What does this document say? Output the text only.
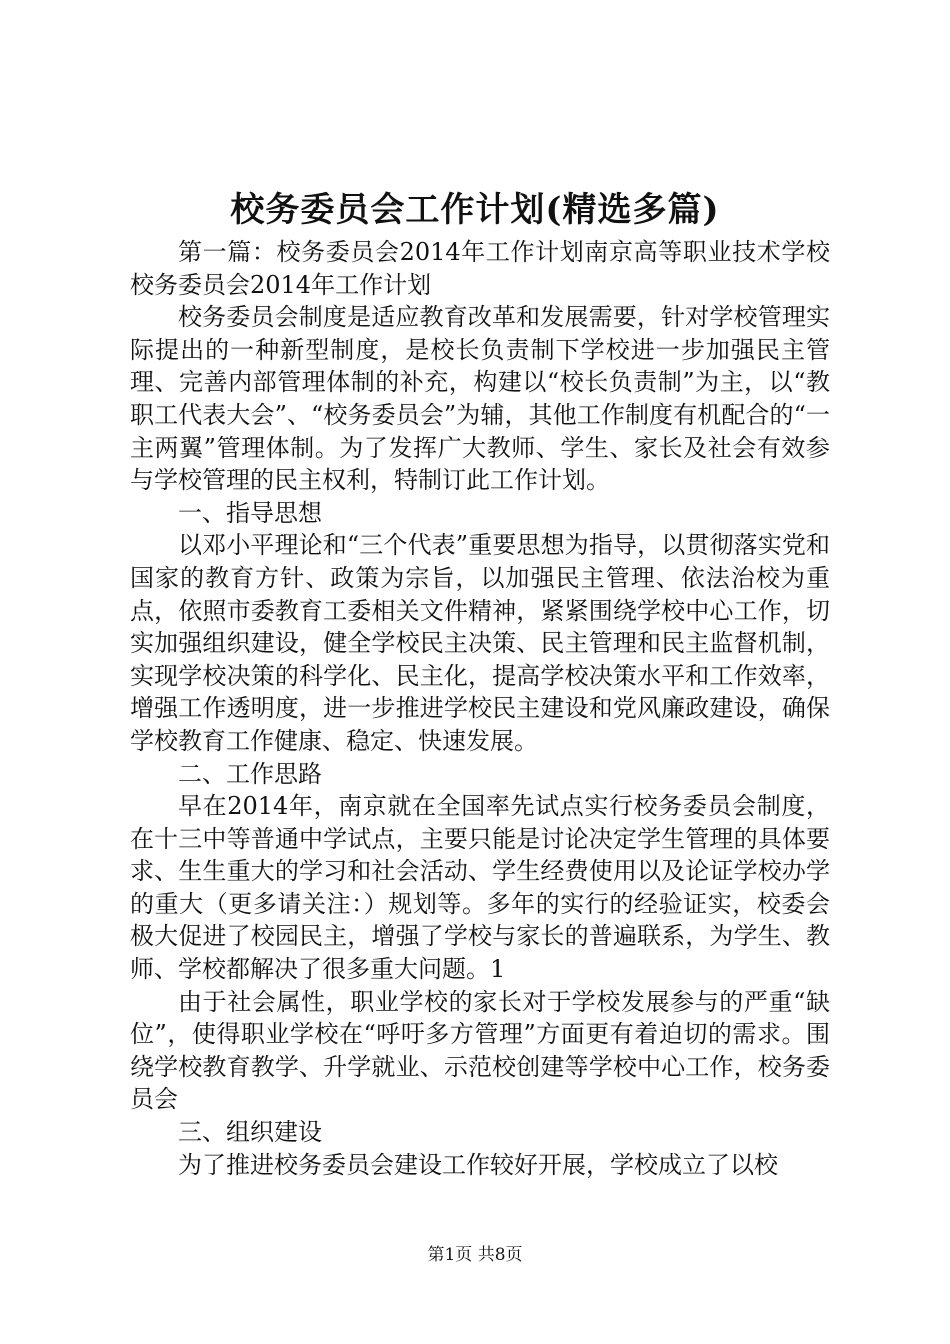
校务委员会工作计划(精选多篇)

第一篇：校务委员会2014年工作计划南京高等职业技术学校校务委员会2014年工作计划

校务委员会制度是适应教育改革和发展需要，针对学校管理实际提出的一种新型制度，是校长负责制下学校进一步加强民主管理、完善内部管理体制的补充，构建以“校长负责制”为主，以“教职工代表大会”、“校务委员会”为辅，其他工作制度有机配合的“一主两翼”管理体制。为了发挥广大教师、学生、家长及社会有效参与学校管理的民主权利，特制订此工作计划。

一、指导思想

以邓小平理论和“三个代表”重要思想为指导，以贯彻落实党和国家的教育方针、政策为宗旨，以加强民主管理、依法治校为重点，依照市委教育工委相关文件精神，紧紧围绕学校中心工作，切实加强组织建设，健全学校民主决策、民主管理和民主监督机制，实现学校决策的科学化、民主化，提高学校决策水平和工作效率，增强工作透明度，进一步推进学校民主建设和党风廉政建设，确保学校教育工作健康、稳定、快速发展。

二、工作思路

早在2014年，南京就在全国率先试点实行校务委员会制度，在十三中等普通中学试点，主要只能是讨论决定学生管理的具体要求、生生重大的学习和社会活动、学生经费使用以及论证学校办学的重大（更多请关注：）规划等。多年的实行的经验证实，校委会极大促进了校园民主，增强了学校与家长的普遍联系，为学生、教师、学校都解决了很多重大问题。1

由于社会属性，职业学校的家长对于学校发展参与的严重“缺位”，使得职业学校在“呼吁多方管理”方面更有着迫切的需求。围绕学校教育教学、升学就业、示范校创建等学校中心工作，校务委员会

三、组织建设

为了推进校务委员会建设工作较好开展，学校成立了以校

第1页 共8页
